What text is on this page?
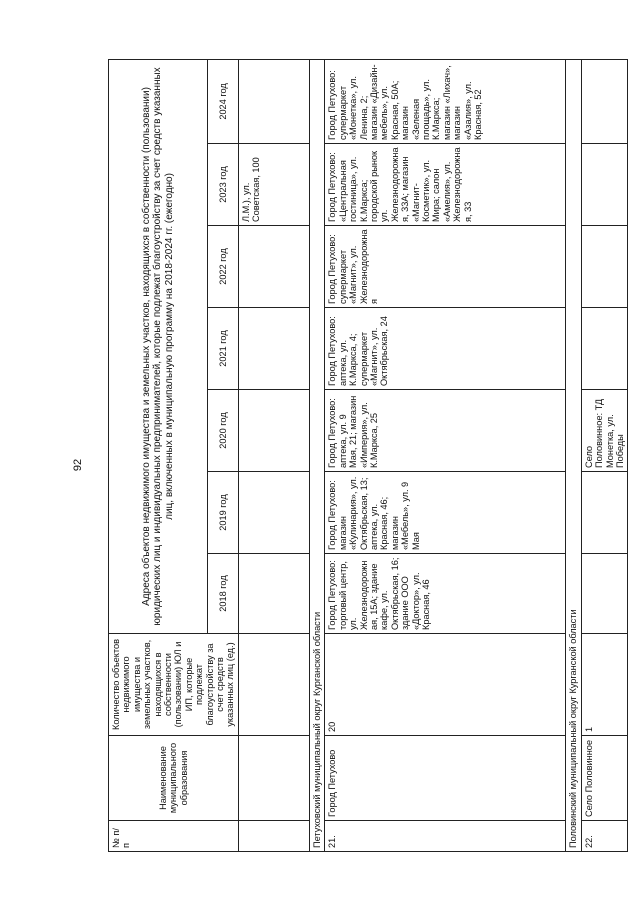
92
№ п/п	Наименование муниципального образования	Количество объектов недвижимого имущества и земельных участков, находящихся в собственности (пользовании) ЮЛ и ИП, которые подлежат благоустройству за счет средств указанных лиц (ед.)	Адреса объектов недвижимого имущества и земельных участков, находящихся в собственности (пользовании) юридических лиц и индивидуальных предпринимателей, которые подлежат благоустройству за счет средств указанных лиц, включенных в муниципальную программу на 2018-2024 гг. (ежегодно)						
			2018 год	2019 год	2020 год	2021 год	2022 год	2023 год	2024 год
								Л.М.), ул. Советская, 100	
Петуховский муниципальный округ Курганской области									
21.	Город Петухово	20	Город Петухово: торговый центр, ул. Железнодорожная, 15А; здание кафе, ул. Октябрьская, 16; здание ООО «Доктор», ул. Красная, 46	Город Петухово: магазин «Кулинария», ул. Октябрьская, 13; аптека, ул. Красная, 46; магазин «Мебель», ул. 9 Мая	Город Петухово: аптека, ул. 9 Мая, 21; магазин «Империя», ул. К.Маркса, 25	Город Петухово: аптека, ул. К.Маркса, 4; супермаркет «Магнит», ул. Октябрьская, 24	Город Петухово: супермаркет «Магнит», ул. Железнодорожная	Город Петухово: «Центральная гостиница», ул. К.Маркса; городской рынок ул. Железнодорожная, 33А; магазин «Магнит-Косметик», ул. Мира; салон «Амелия», ул. Железнодорожная, 33	Город Петухово: супермаркет «Монетка», ул. Ленина, 2; магазин «Дизайн-мебель», ул. Красная, 50А; магазин «Зеленая площадь», ул. К.Маркса; магазин «Лихач», магазин «Азалия», ул. Красная, 52
Половинский муниципальный округ Курганской области									
22.	Село Половинное	1			Село Половинное: ТД Монетка, ул. Победы				
